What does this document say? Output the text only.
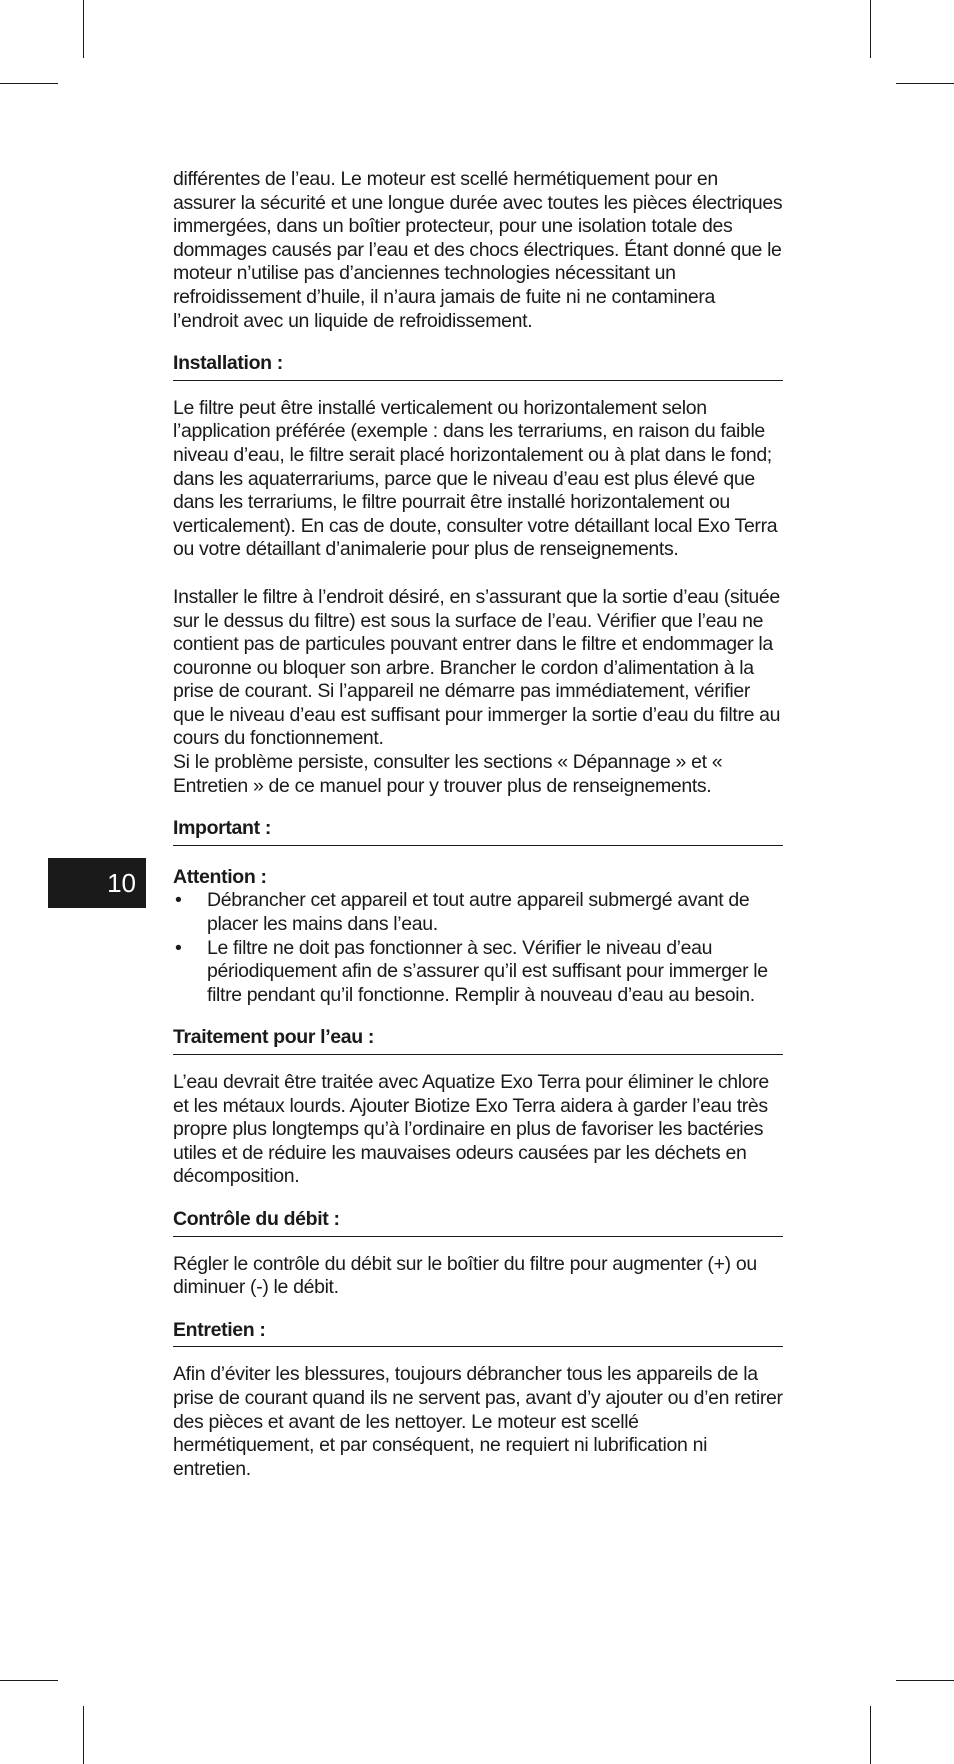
10

différentes de l’eau. Le moteur est scellé hermétiquement pour en assurer la sécurité et une longue durée avec toutes les pièces électriques immergées, dans un boîtier protecteur, pour une isolation totale des dommages causés par l’eau et des chocs électriques. Étant donné que le moteur n’utilise pas d’anciennes technologies nécessitant un refroidissement d’huile, il n’aura jamais de fuite ni ne contaminera l’endroit avec un liquide de refroidissement.

Installation :

Le filtre peut être installé verticalement ou horizontalement selon l’application préférée (exemple : dans les terrariums, en raison du faible niveau d’eau, le filtre serait placé horizontalement ou à plat dans le fond; dans les aquaterrariums, parce que le niveau d’eau est plus élevé que dans les terrariums, le filtre pourrait être installé horizontalement ou verticalement). En cas de doute, consulter votre détaillant local Exo Terra ou votre détaillant d’animalerie pour plus de renseignements.

Installer le filtre à l’endroit désiré, en s’assurant que la sortie d’eau (située sur le dessus du filtre) est sous la surface de l’eau. Vérifier que l’eau ne contient pas de particules pouvant entrer dans le filtre et endommager la couronne ou bloquer son arbre. Brancher le cordon d’alimentation à la prise de courant. Si l’appareil ne démarre pas immédiatement, vérifier que le niveau d’eau est suffisant pour immerger la sortie d’eau du filtre au cours du fonctionnement.

Si le problème persiste, consulter les sections « Dépannage » et « Entretien » de ce manuel pour y trouver plus de renseignements.

Important :
Attention :
• Débrancher cet appareil et tout autre appareil submergé avant de placer les mains dans l’eau.
• Le filtre ne doit pas fonctionner à sec. Vérifier le niveau d’eau périodiquement afin de s’assurer qu’il est suffisant pour immerger le filtre pendant qu’il fonctionne. Remplir à nouveau d’eau au besoin.
Traitement pour l’eau :

L’eau devrait être traitée avec Aquatize Exo Terra pour éliminer le chlore et les métaux lourds. Ajouter Biotize Exo Terra aidera à garder l’eau très propre plus longtemps qu’à l’ordinaire en plus de favoriser les bactéries utiles et de réduire les mauvaises odeurs causées par les déchets en décomposition.

Contrôle du débit :

Régler le contrôle du débit sur le boîtier du filtre pour augmenter (+) ou diminuer (-) le débit.

Entretien :

Afin d’éviter les blessures, toujours débrancher tous les appareils de la prise de courant quand ils ne servent pas, avant d’y ajouter ou d’en retirer des pièces et avant de les nettoyer. Le moteur est scellé hermétiquement, et par conséquent, ne requiert ni lubrification ni entretien.
